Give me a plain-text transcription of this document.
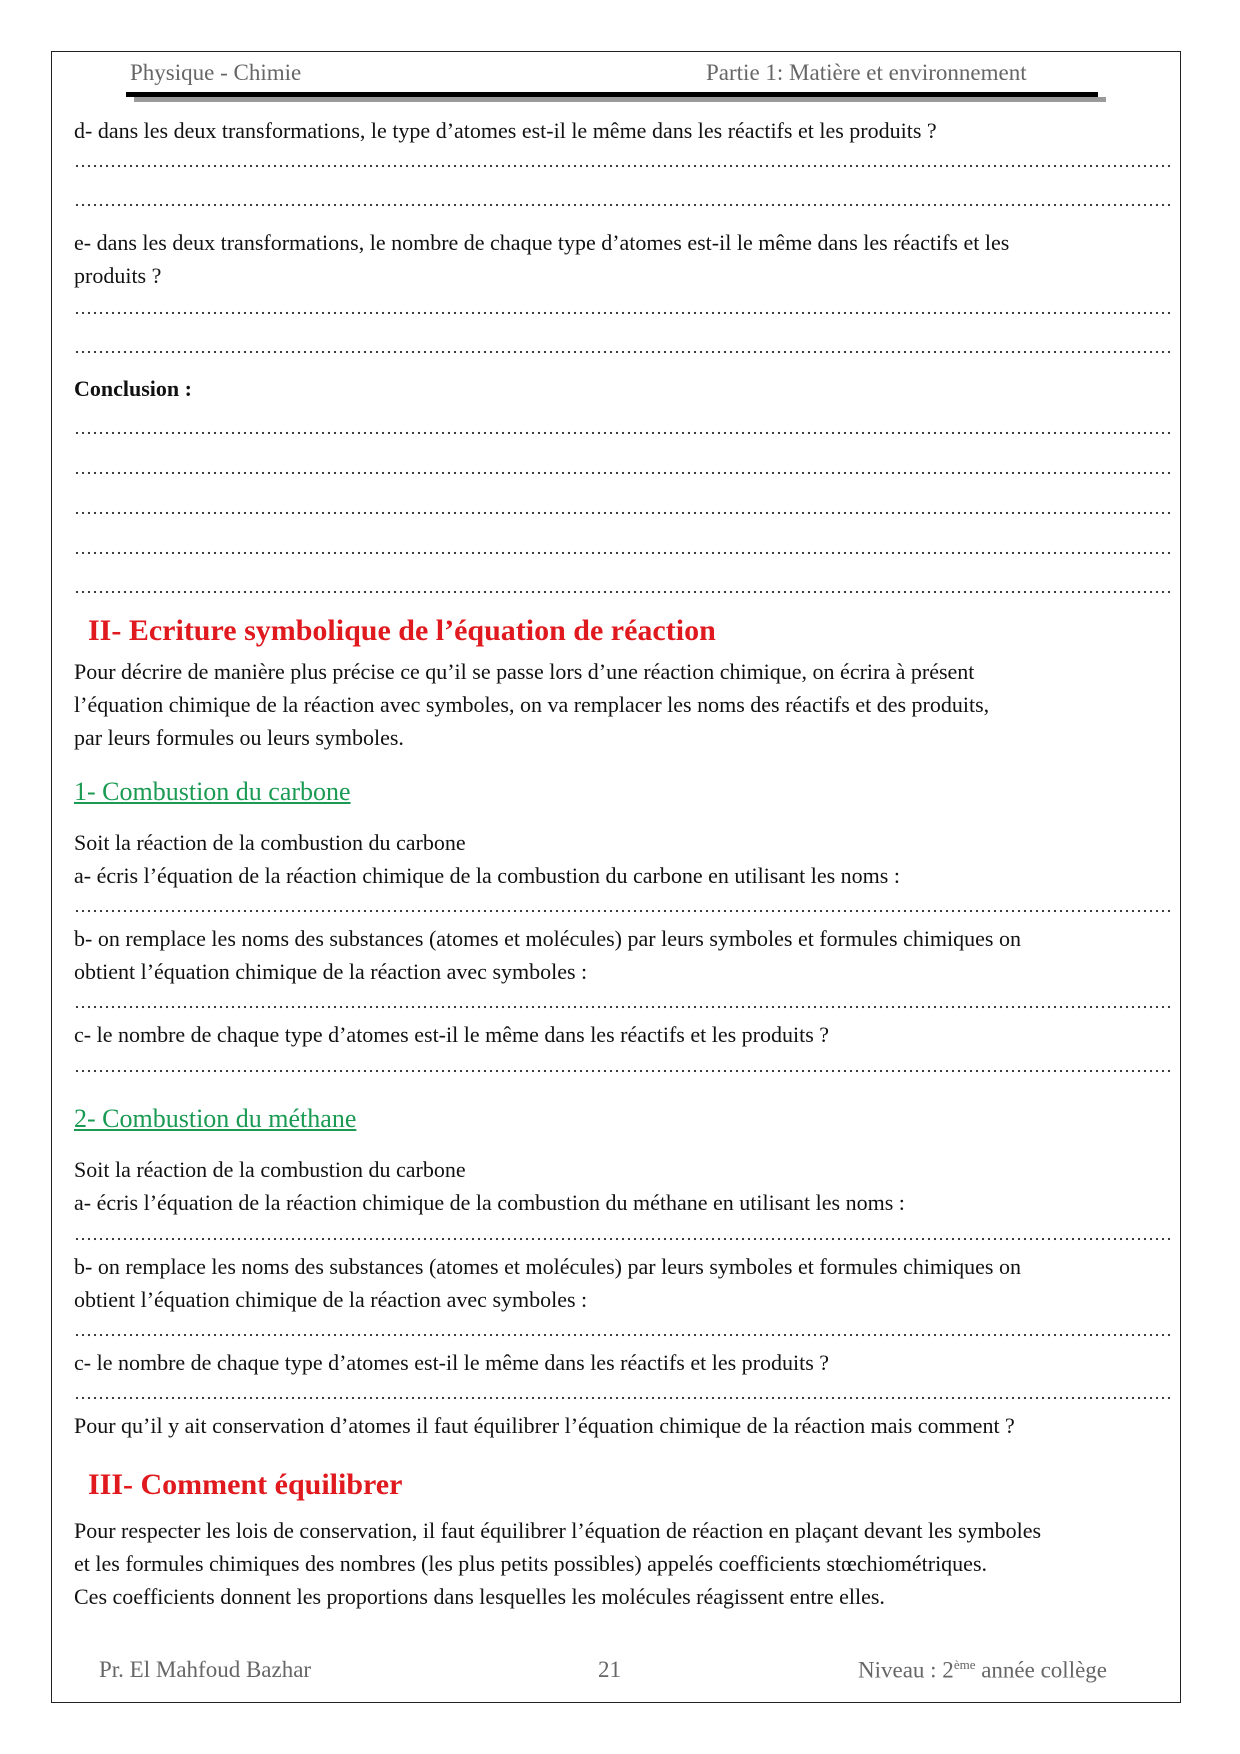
Physique - Chimie	Partie 1: Matière et environnement
d- dans les deux transformations, le type d’atomes est-il le même dans les réactifs et les produits ?
e- dans les deux transformations, le nombre de chaque type d’atomes est-il le même dans les réactifs et les
produits ?
Conclusion :
II- Ecriture symbolique de l’équation de réaction
Pour décrire de manière plus précise ce qu’il se passe lors d’une réaction chimique, on écrira à présent
l’équation chimique de la réaction avec symboles, on va remplacer les noms des réactifs et des produits,
par leurs formules ou leurs symboles.
1- Combustion du carbone
Soit la réaction de la combustion du carbone
a- écris l’équation de la réaction chimique de la combustion du carbone en utilisant les noms :
b- on remplace les noms des substances (atomes et molécules) par leurs symboles et formules chimiques on
obtient l’équation chimique de la réaction avec symboles :
c- le nombre de chaque type d’atomes est-il le même dans les réactifs et les produits ?
2- Combustion du méthane
Soit la réaction de la combustion du carbone
a- écris l’équation de la réaction chimique de la combustion du méthane en utilisant les noms :
b- on remplace les noms des substances (atomes et molécules) par leurs symboles et formules chimiques on
obtient l’équation chimique de la réaction avec symboles :
c- le nombre de chaque type d’atomes est-il le même dans les réactifs et les produits ?
Pour qu’il y ait conservation d’atomes il faut équilibrer l’équation chimique de la réaction mais comment ?
III- Comment équilibrer
Pour respecter les lois de conservation, il faut équilibrer l’équation de réaction en plaçant devant les symboles
et les formules chimiques des nombres (les plus petits possibles) appelés coefficients stœchiométriques.
Ces coefficients donnent les proportions dans lesquelles les molécules réagissent entre elles.
Pr. El Mahfoud Bazhar	21	Niveau : 2ème année collège
